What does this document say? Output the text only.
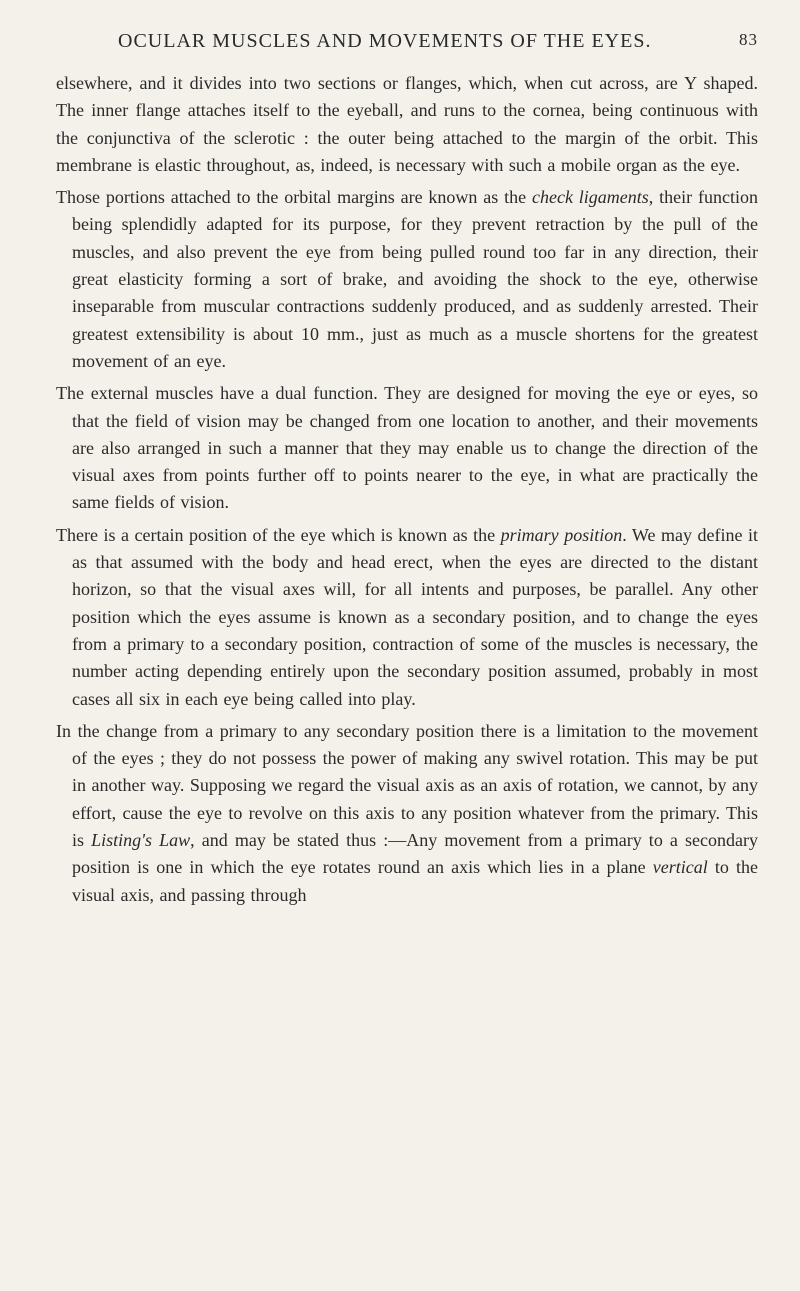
OCULAR MUSCLES AND MOVEMENTS OF THE EYES.	83

elsewhere, and it divides into two sections or flanges, which, when cut across, are Y shaped. The inner flange attaches itself to the eyeball, and runs to the cornea, being continuous with the conjunctiva of the sclerotic : the outer being attached to the margin of the orbit. This membrane is elastic throughout, as, indeed, is necessary with such a mobile organ as the eye.

Those portions attached to the orbital margins are known as the check ligaments, their function being splendidly adapted for its purpose, for they prevent retraction by the pull of the muscles, and also prevent the eye from being pulled round too far in any direction, their great elasticity forming a sort of brake, and avoiding the shock to the eye, otherwise inseparable from muscular contractions suddenly produced, and as suddenly arrested. Their greatest extensibility is about 10 mm., just as much as a muscle shortens for the greatest movement of an eye.

The external muscles have a dual function. They are designed for moving the eye or eyes, so that the field of vision may be changed from one location to another, and their movements are also arranged in such a manner that they may enable us to change the direction of the visual axes from points further off to points nearer to the eye, in what are practically the same fields of vision.

There is a certain position of the eye which is known as the primary position. We may define it as that assumed with the body and head erect, when the eyes are directed to the distant horizon, so that the visual axes will, for all intents and purposes, be parallel. Any other position which the eyes assume is known as a secondary position, and to change the eyes from a primary to a secondary position, contraction of some of the muscles is necessary, the number acting depending entirely upon the secondary position assumed, probably in most cases all six in each eye being called into play.

In the change from a primary to any secondary position there is a limitation to the movement of the eyes ; they do not possess the power of making any swivel rotation. This may be put in another way. Supposing we regard the visual axis as an axis of rotation, we cannot, by any effort, cause the eye to revolve on this axis to any position whatever from the primary. This is Listing's Law, and may be stated thus :—Any movement from a primary to a secondary position is one in which the eye rotates round an axis which lies in a plane vertical to the visual axis, and passing through
